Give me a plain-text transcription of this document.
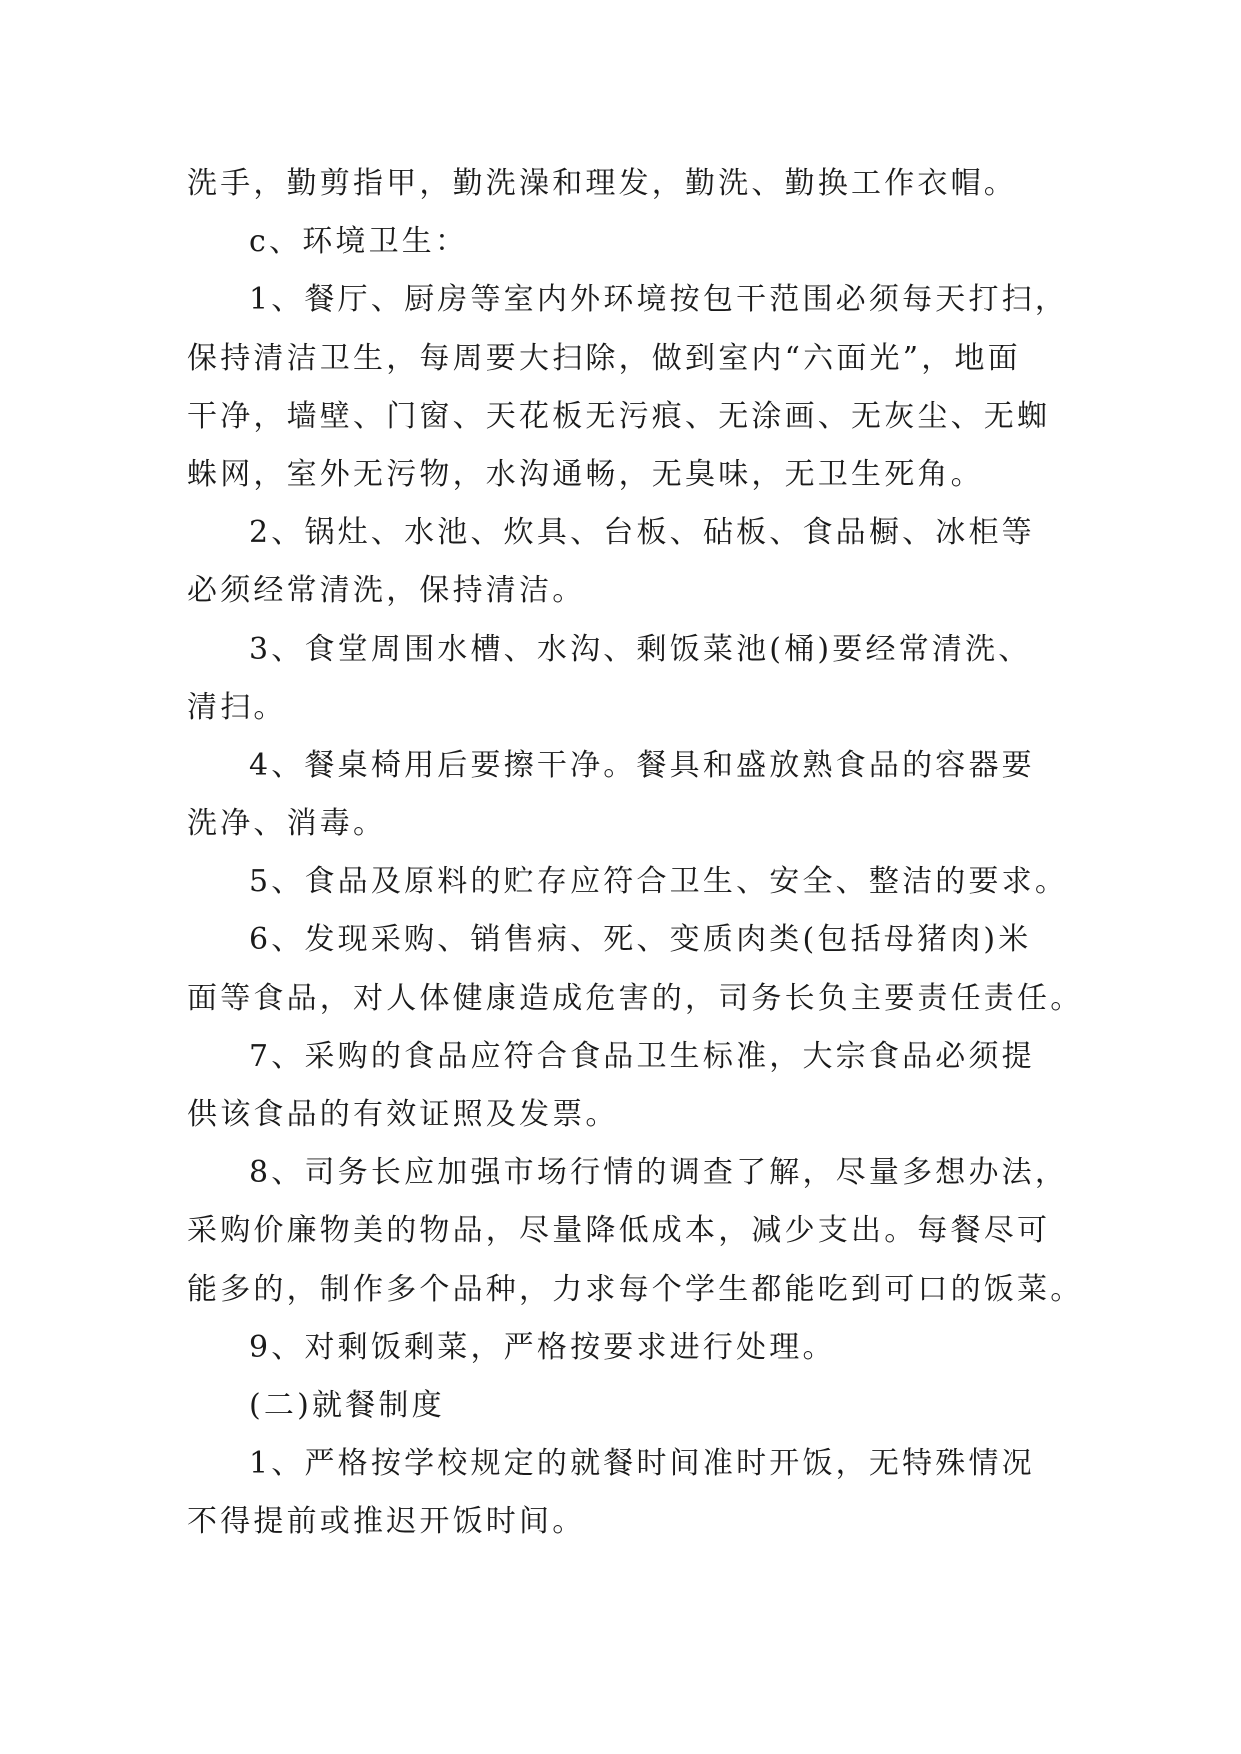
洗手，勤剪指甲，勤洗澡和理发，勤洗、勤换工作衣帽。
c、环境卫生：
1、餐厅、厨房等室内外环境按包干范围必须每天打扫，
保持清洁卫生，每周要大扫除，做到室内“六面光”，地面
干净，墙壁、门窗、天花板无污痕、无涂画、无灰尘、无蜘
蛛网，室外无污物，水沟通畅，无臭味，无卫生死角。
2、锅灶、水池、炊具、台板、砧板、食品橱、冰柜等
必须经常清洗，保持清洁。
3、食堂周围水槽、水沟、剩饭菜池(桶)要经常清洗、
清扫。
4、餐桌椅用后要擦干净。餐具和盛放熟食品的容器要
洗净、消毒。
5、食品及原料的贮存应符合卫生、安全、整洁的要求。
6、发现采购、销售病、死、变质肉类(包括母猪肉)米
面等食品，对人体健康造成危害的，司务长负主要责任责任。
7、采购的食品应符合食品卫生标准，大宗食品必须提
供该食品的有效证照及发票。
8、司务长应加强市场行情的调查了解，尽量多想办法，
采购价廉物美的物品，尽量降低成本，减少支出。每餐尽可
能多的，制作多个品种，力求每个学生都能吃到可口的饭菜。
9、对剩饭剩菜，严格按要求进行处理。
(二)就餐制度
1、严格按学校规定的就餐时间准时开饭，无特殊情况
不得提前或推迟开饭时间。
